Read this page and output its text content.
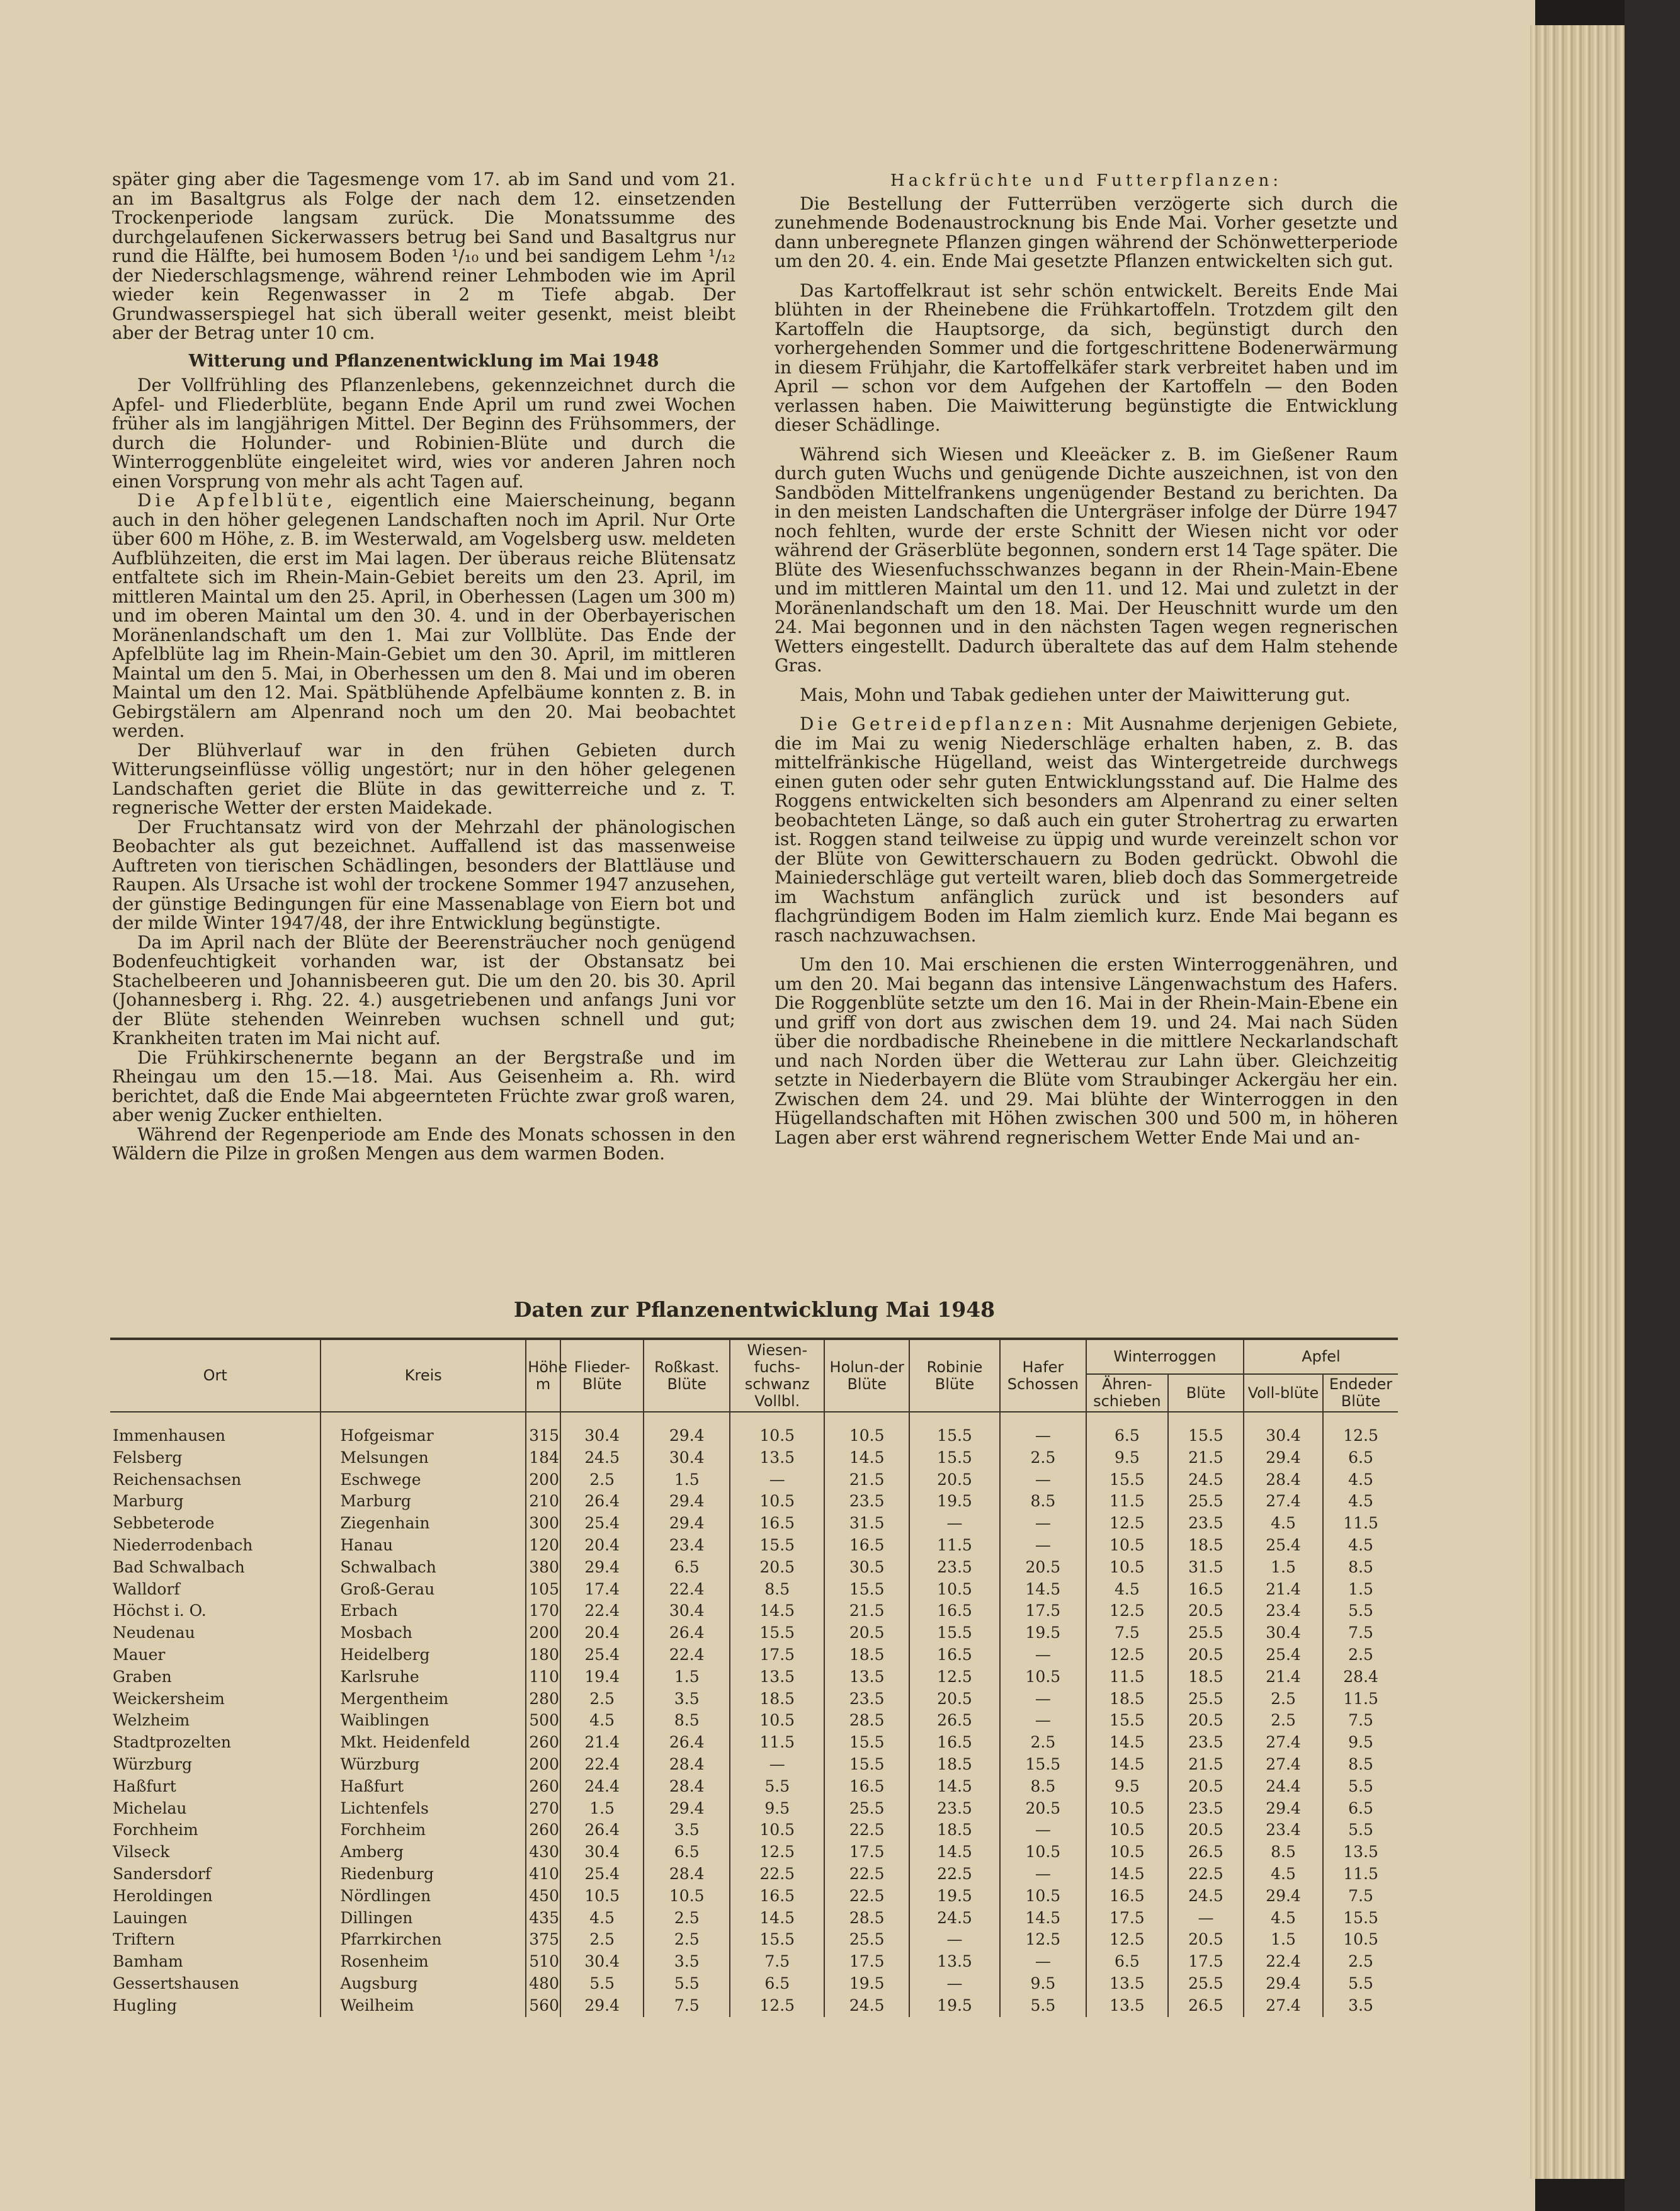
später ging aber die Tagesmenge vom 17. ab im Sand und vom 21. an im Basaltgrus als Folge der nach dem 12. einsetzenden Trockenperiode langsam zurück. Die Monatssumme des durchgelaufenen Sickerwassers betrug bei Sand und Basaltgrus nur rund die Hälfte, bei humosem Boden ¹/₁₀ und bei sandigem Lehm ¹/₁₂ der Niederschlagsmenge, während reiner Lehmboden wie im April wieder kein Regenwasser in 2 m Tiefe abgab. Der Grundwasserspiegel hat sich überall weiter gesenkt, meist bleibt aber der Betrag unter 10 cm.

Witterung und Pflanzenentwicklung im Mai 1948

Der Vollfrühling des Pflanzenlebens, gekennzeichnet durch die Apfel- und Fliederblüte, begann Ende April um rund zwei Wochen früher als im langjährigen Mittel. Der Beginn des Frühsommers, der durch die Holunder- und Robinien-Blüte und durch die Winterroggenblüte eingeleitet wird, wies vor anderen Jahren noch einen Vorsprung von mehr als acht Tagen auf.

Die Apfelblüte, eigentlich eine Maierscheinung, begann auch in den höher gelegenen Landschaften noch im April. Nur Orte über 600 m Höhe, z. B. im Westerwald, am Vogelsberg usw. meldeten Aufblühzeiten, die erst im Mai lagen. Der überaus reiche Blütensatz entfaltete sich im Rhein-Main-Gebiet bereits um den 23. April, im mittleren Maintal um den 25. April, in Oberhessen (Lagen um 300 m) und im oberen Maintal um den 30. 4. und in der Oberbayerischen Moränenlandschaft um den 1. Mai zur Vollblüte. Das Ende der Apfelblüte lag im Rhein-Main-Gebiet um den 30. April, im mittleren Maintal um den 5. Mai, in Oberhessen um den 8. Mai und im oberen Maintal um den 12. Mai. Spätblühende Apfelbäume konnten z. B. in Gebirgstälern am Alpenrand noch um den 20. Mai beobachtet werden.

Der Blühverlauf war in den frühen Gebieten durch Witterungseinflüsse völlig ungestört; nur in den höher gelegenen Landschaften geriet die Blüte in das gewitterreiche und z. T. regnerische Wetter der ersten Maidekade.

Der Fruchtansatz wird von der Mehrzahl der phänologischen Beobachter als gut bezeichnet. Auffallend ist das massenweise Auftreten von tierischen Schädlingen, besonders der Blattläuse und Raupen. Als Ursache ist wohl der trockene Sommer 1947 anzusehen, der günstige Bedingungen für eine Massenablage von Eiern bot und der milde Winter 1947/48, der ihre Entwicklung begünstigte.

Da im April nach der Blüte der Beerensträucher noch genügend Bodenfeuchtigkeit vorhanden war, ist der Obstansatz bei Stachelbeeren und Johannisbeeren gut. Die um den 20. bis 30. April (Johannesberg i. Rhg. 22. 4.) ausgetriebenen und anfangs Juni vor der Blüte stehenden Weinreben wuchsen schnell und gut; Krankheiten traten im Mai nicht auf.

Die Frühkirschenernte begann an der Bergstraße und im Rheingau um den 15.—18. Mai. Aus Geisenheim a. Rh. wird berichtet, daß die Ende Mai abgeernteten Früchte zwar groß waren, aber wenig Zucker enthielten.

Während der Regenperiode am Ende des Monats schossen in den Wäldern die Pilze in großen Mengen aus dem warmen Boden.

Hackfrüchte und Futterpflanzen:

Die Bestellung der Futterrüben verzögerte sich durch die zunehmende Bodenaustrocknung bis Ende Mai. Vorher gesetzte und dann unberegnete Pflanzen gingen während der Schönwetterperiode um den 20. 4. ein. Ende Mai gesetzte Pflanzen entwickelten sich gut.

Das Kartoffelkraut ist sehr schön entwickelt. Bereits Ende Mai blühten in der Rheinebene die Frühkartoffeln. Trotzdem gilt den Kartoffeln die Hauptsorge, da sich, begünstigt durch den vorhergehenden Sommer und die fortgeschrittene Bodenerwärmung in diesem Frühjahr, die Kartoffelkäfer stark verbreitet haben und im April — schon vor dem Aufgehen der Kartoffeln — den Boden verlassen haben. Die Maiwitterung begünstigte die Entwicklung dieser Schädlinge.

Während sich Wiesen und Kleeäcker z. B. im Gießener Raum durch guten Wuchs und genügende Dichte auszeichnen, ist von den Sandböden Mittelfrankens ungenügender Bestand zu berichten. Da in den meisten Landschaften die Untergräser infolge der Dürre 1947 noch fehlten, wurde der erste Schnitt der Wiesen nicht vor oder während der Gräserblüte begonnen, sondern erst 14 Tage später. Die Blüte des Wiesenfuchsschwanzes begann in der Rhein-Main-Ebene und im mittleren Maintal um den 11. und 12. Mai und zuletzt in der Moränenlandschaft um den 18. Mai. Der Heuschnitt wurde um den 24. Mai begonnen und in den nächsten Tagen wegen regnerischen Wetters eingestellt. Dadurch überaltete das auf dem Halm stehende Gras.

Mais, Mohn und Tabak gediehen unter der Maiwitterung gut.

Die Getreidepflanzen: Mit Ausnahme derjenigen Gebiete, die im Mai zu wenig Niederschläge erhalten haben, z. B. das mittelfränkische Hügelland, weist das Wintergetreide durchwegs einen guten oder sehr guten Entwicklungsstand auf. Die Halme des Roggens entwickelten sich besonders am Alpenrand zu einer selten beobachteten Länge, so daß auch ein guter Strohertrag zu erwarten ist. Roggen stand teilweise zu üppig und wurde vereinzelt schon vor der Blüte von Gewitterschauern zu Boden gedrückt. Obwohl die Mainiederschläge gut verteilt waren, blieb doch das Sommergetreide im Wachstum anfänglich zurück und ist besonders auf flachgründigem Boden im Halm ziemlich kurz. Ende Mai begann es rasch nachzuwachsen.

Um den 10. Mai erschienen die ersten Winterroggenähren, und um den 20. Mai begann das intensive Längenwachstum des Hafers. Die Roggenblüte setzte um den 16. Mai in der Rhein-Main-Ebene ein und griff von dort aus zwischen dem 19. und 24. Mai nach Süden über die nordbadische Rheinebene in die mittlere Neckarlandschaft und nach Norden über die Wetterau zur Lahn über. Gleichzeitig setzte in Niederbayern die Blüte vom Straubinger Ackergäu her ein. Zwischen dem 24. und 29. Mai blühte der Winterroggen in den Hügellandschaften mit Höhen zwischen 300 und 500 m, in höheren Lagen aber erst während regnerischem Wetter Ende Mai und an-

Daten zur Pflanzenentwicklung Mai 1948
Ort	Kreis	Höhe m	Flieder-Blüte	Roßkast. Blüte	Wiesen-fuchs-schwanz Vollbl.	Holun-der Blüte	Robinie Blüte	Hafer Schossen	Winterroggen		Apfel	
									Ähren-schieben	Blüte	Voll-blüte	Endeder Blüte
Immenhausen	Hofgeismar	315	30.4	29.4	10.5	10.5	15.5	—	6.5	15.5	30.4	12.5
Felsberg	Melsungen	184	24.5	30.4	13.5	14.5	15.5	2.5	9.5	21.5	29.4	6.5
Reichensachsen	Eschwege	200	2.5	1.5	—	21.5	20.5	—	15.5	24.5	28.4	4.5
Marburg	Marburg	210	26.4	29.4	10.5	23.5	19.5	8.5	11.5	25.5	27.4	4.5
Sebbeterode	Ziegenhain	300	25.4	29.4	16.5	31.5	—	—	12.5	23.5	4.5	11.5
Niederrodenbach	Hanau	120	20.4	23.4	15.5	16.5	11.5	—	10.5	18.5	25.4	4.5
Bad Schwalbach	Schwalbach	380	29.4	6.5	20.5	30.5	23.5	20.5	10.5	31.5	1.5	8.5
Walldorf	Groß-Gerau	105	17.4	22.4	8.5	15.5	10.5	14.5	4.5	16.5	21.4	1.5
Höchst i. O.	Erbach	170	22.4	30.4	14.5	21.5	16.5	17.5	12.5	20.5	23.4	5.5
Neudenau	Mosbach	200	20.4	26.4	15.5	20.5	15.5	19.5	7.5	25.5	30.4	7.5
Mauer	Heidelberg	180	25.4	22.4	17.5	18.5	16.5	—	12.5	20.5	25.4	2.5
Graben	Karlsruhe	110	19.4	1.5	13.5	13.5	12.5	10.5	11.5	18.5	21.4	28.4
Weickersheim	Mergentheim	280	2.5	3.5	18.5	23.5	20.5	—	18.5	25.5	2.5	11.5
Welzheim	Waiblingen	500	4.5	8.5	10.5	28.5	26.5	—	15.5	20.5	2.5	7.5
Stadtprozelten	Mkt. Heidenfeld	260	21.4	26.4	11.5	15.5	16.5	2.5	14.5	23.5	27.4	9.5
Würzburg	Würzburg	200	22.4	28.4	—	15.5	18.5	15.5	14.5	21.5	27.4	8.5
Haßfurt	Haßfurt	260	24.4	28.4	5.5	16.5	14.5	8.5	9.5	20.5	24.4	5.5
Michelau	Lichtenfels	270	1.5	29.4	9.5	25.5	23.5	20.5	10.5	23.5	29.4	6.5
Forchheim	Forchheim	260	26.4	3.5	10.5	22.5	18.5	—	10.5	20.5	23.4	5.5
Vilseck	Amberg	430	30.4	6.5	12.5	17.5	14.5	10.5	10.5	26.5	8.5	13.5
Sandersdorf	Riedenburg	410	25.4	28.4	22.5	22.5	22.5	—	14.5	22.5	4.5	11.5
Heroldingen	Nördlingen	450	10.5	10.5	16.5	22.5	19.5	10.5	16.5	24.5	29.4	7.5
Lauingen	Dillingen	435	4.5	2.5	14.5	28.5	24.5	14.5	17.5	—	4.5	15.5
Triftern	Pfarrkirchen	375	2.5	2.5	15.5	25.5	—	12.5	12.5	20.5	1.5	10.5
Bamham	Rosenheim	510	30.4	3.5	7.5	17.5	13.5	—	6.5	17.5	22.4	2.5
Gessertshausen	Augsburg	480	5.5	5.5	6.5	19.5	—	9.5	13.5	25.5	29.4	5.5
Hugling	Weilheim	560	29.4	7.5	12.5	24.5	19.5	5.5	13.5	26.5	27.4	3.5
